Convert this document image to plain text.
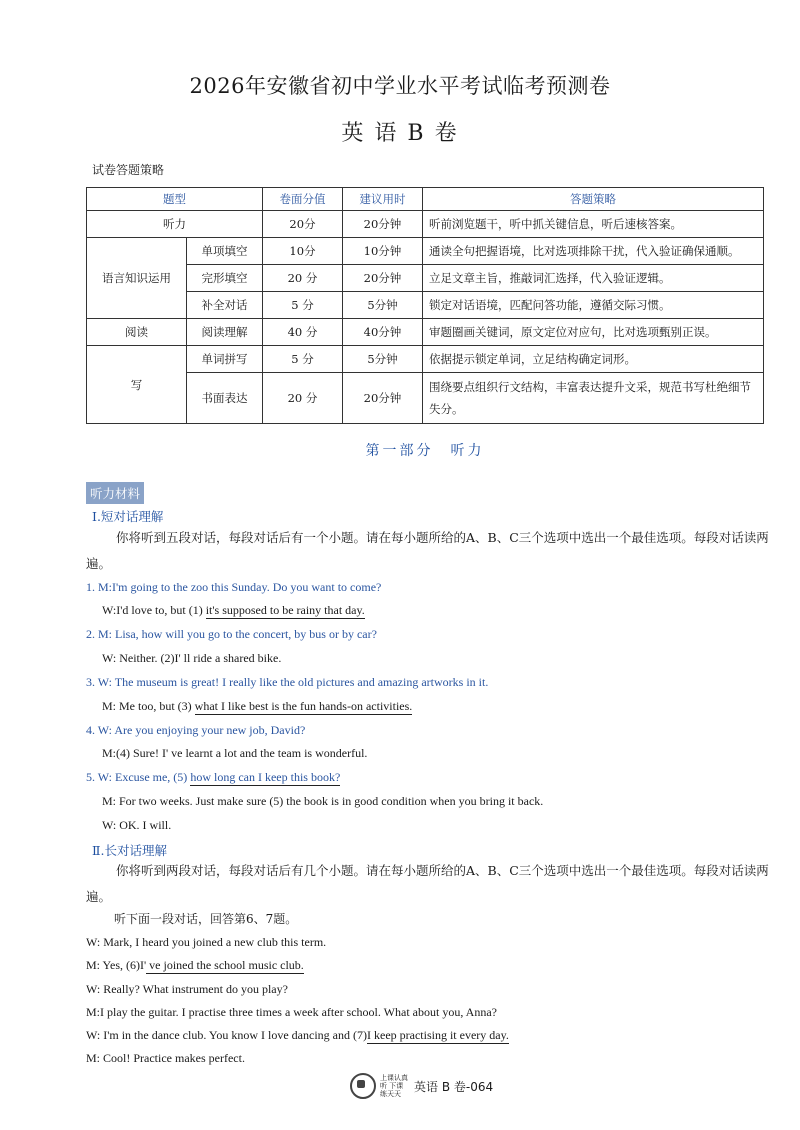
2026年安徽省初中学业水平考试临考预测卷
英 语 B 卷
试卷答题策略
题型		卷面分值	建议用时	答题策略
听力		20分	20分钟	听前浏览题干，听中抓关键信息，听后速核答案。
语言知识运用	单项填空	10分	10分钟	通读全句把握语境，比对选项排除干扰，代入验证确保通顺。
	完形填空	20 分	20分钟	立足文章主旨，推敲词汇选择，代入验证逻辑。
	补全对话	5 分	5分钟	锁定对话语境，匹配问答功能，遵循交际习惯。
阅读	阅读理解	40 分	40分钟	审题圈画关键词，原文定位对应句，比对选项甄别正误。
写	单词拼写	5 分	5分钟	依据提示锁定单词，立足结构确定词形。
	书面表达	20 分	20分钟	围绕要点组织行文结构，丰富表达提升文采，规范书写杜绝细节失分。
第一部分　听力
听力材料
Ⅰ.短对话理解
你将听到五段对话，每段对话后有一个小题。请在每小题所给的A、B、C三个选项中选出一个最佳选项。每段对话读两遍。
1. M:I'm going to the zoo this Sunday. Do you want to come?
W:I'd love to, but (1) it's supposed to be rainy that day.
2. M: Lisa, how will you go to the concert, by bus or by car?
W: Neither. (2)I' ll ride a shared bike.
3. W: The museum is great! I really like the old pictures and amazing artworks in it.
M: Me too, but (3) what I like best is the fun hands-on activities.
4. W: Are you enjoying your new job, David?
M:(4) Sure! I' ve learnt a lot and the team is wonderful.
5. W: Excuse me, (5) how long can I keep this book?
M: For two weeks. Just make sure (5) the book is in good condition when you bring it back.
W: OK. I will.
Ⅱ.长对话理解
你将听到两段对话，每段对话后有几个小题。请在每小题所给的A、B、C三个选项中选出一个最佳选项。每段对话读两遍。
听下面一段对话，回答第6、7题。
W: Mark, I heard you joined a new club this term.
M: Yes, (6)I' ve joined the school music club.
W: Really? What instrument do you play?
M:I play the guitar. I practise three times a week after school. What about you, Anna?
W: I'm in the dance club. You know I love dancing and (7)I keep practising it every day.
M: Cool! Practice makes perfect.
上课认真听 下课练天天
英语 B 卷-064
